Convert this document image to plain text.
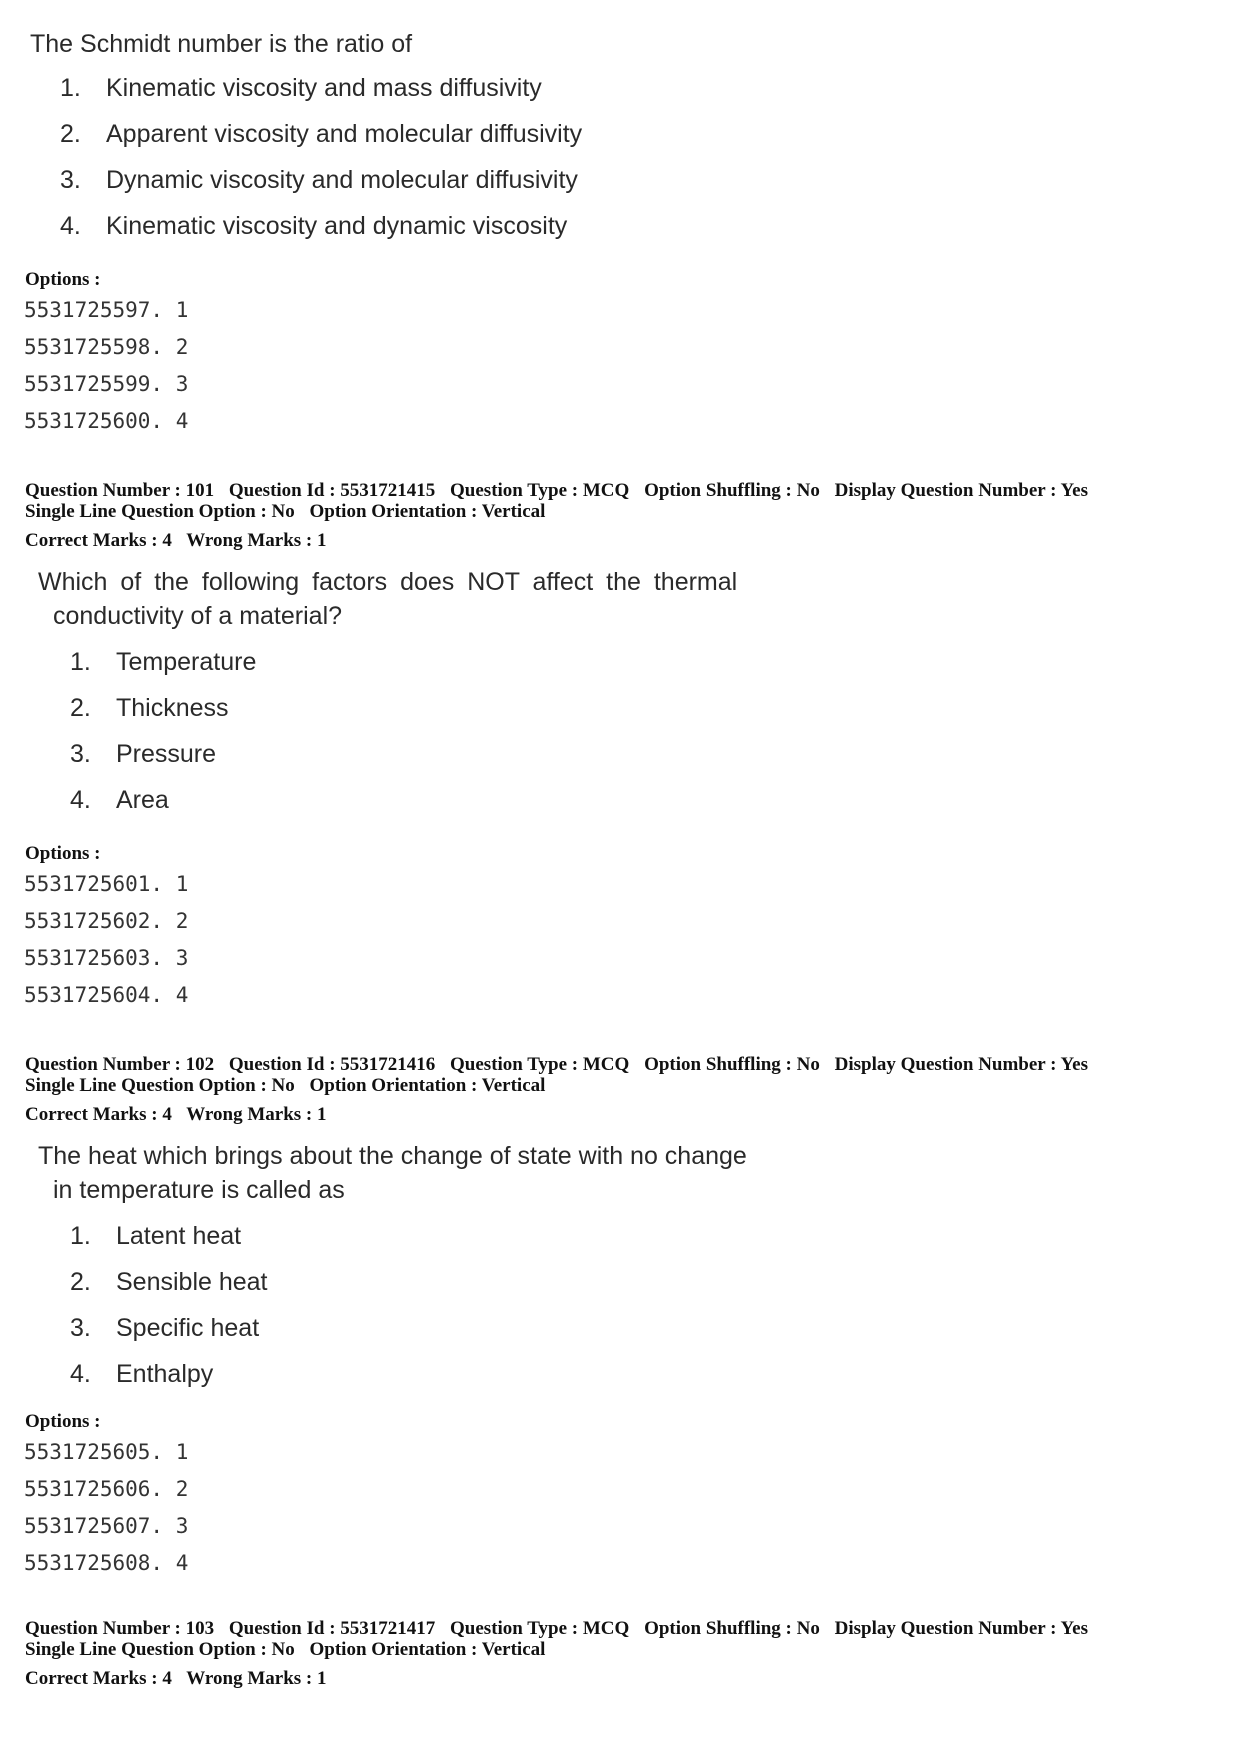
The Schmidt number is the ratio of
1.	Kinematic viscosity and mass diffusivity
2.	Apparent viscosity and molecular diffusivity
3.	Dynamic viscosity and molecular diffusivity
4.	Kinematic viscosity and dynamic viscosity
Options :
5531725597. 1
5531725598. 2
5531725599. 3
5531725600. 4
Question Number : 101 Question Id : 5531721415 Question Type : MCQ Option Shuffling : No Display Question Number : Yes
Single Line Question Option : No Option Orientation : Vertical
Correct Marks : 4 Wrong Marks : 1
Which of the following factors does NOT affect the thermal
conductivity of a material?
1.	Temperature
2.	Thickness
3.	Pressure
4.	Area
Options :
5531725601. 1
5531725602. 2
5531725603. 3
5531725604. 4
Question Number : 102 Question Id : 5531721416 Question Type : MCQ Option Shuffling : No Display Question Number : Yes
Single Line Question Option : No Option Orientation : Vertical
Correct Marks : 4 Wrong Marks : 1
The heat which brings about the change of state with no change
in temperature is called as
1.	Latent heat
2.	Sensible heat
3.	Specific heat
4.	Enthalpy
Options :
5531725605. 1
5531725606. 2
5531725607. 3
5531725608. 4
Question Number : 103 Question Id : 5531721417 Question Type : MCQ Option Shuffling : No Display Question Number : Yes
Single Line Question Option : No Option Orientation : Vertical
Correct Marks : 4 Wrong Marks : 1
